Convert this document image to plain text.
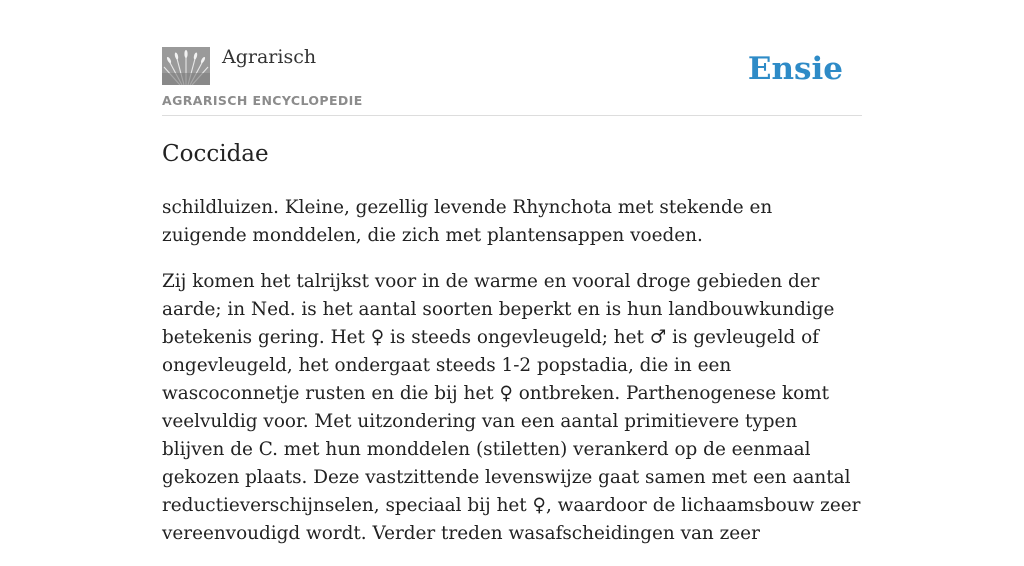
Agrarisch
AGRARISCH ENCYCLOPEDIE
Ensie
Coccidae

schildluizen. Kleine, gezellig levende Rhynchota met stekende en zuigende monddelen, die zich met plantensappen voeden.

Zij komen het talrijkst voor in de warme en vooral droge gebieden der aarde; in Ned. is het aantal soorten beperkt en is hun landbouwkundige betekenis gering. Het ♀ is steeds ongevleugeld; het ♂ is gevleugeld of ongevleugeld, het ondergaat steeds 1-2 popstadia, die in een wascoconnetje rusten en die bij het ♀ ontbreken. Parthenogenese komt veelvuldig voor. Met uitzondering van een aantal primitievere typen blijven de C. met hun monddelen (stiletten) verankerd op de eenmaal gekozen plaats. Deze vastzittende levenswijze gaat samen met een aantal reductieverschijnselen, speciaal bij het ♀, waardoor de lichaamsbouw zeer vereenvoudigd wordt. Verder treden wasafscheidingen van zeer
